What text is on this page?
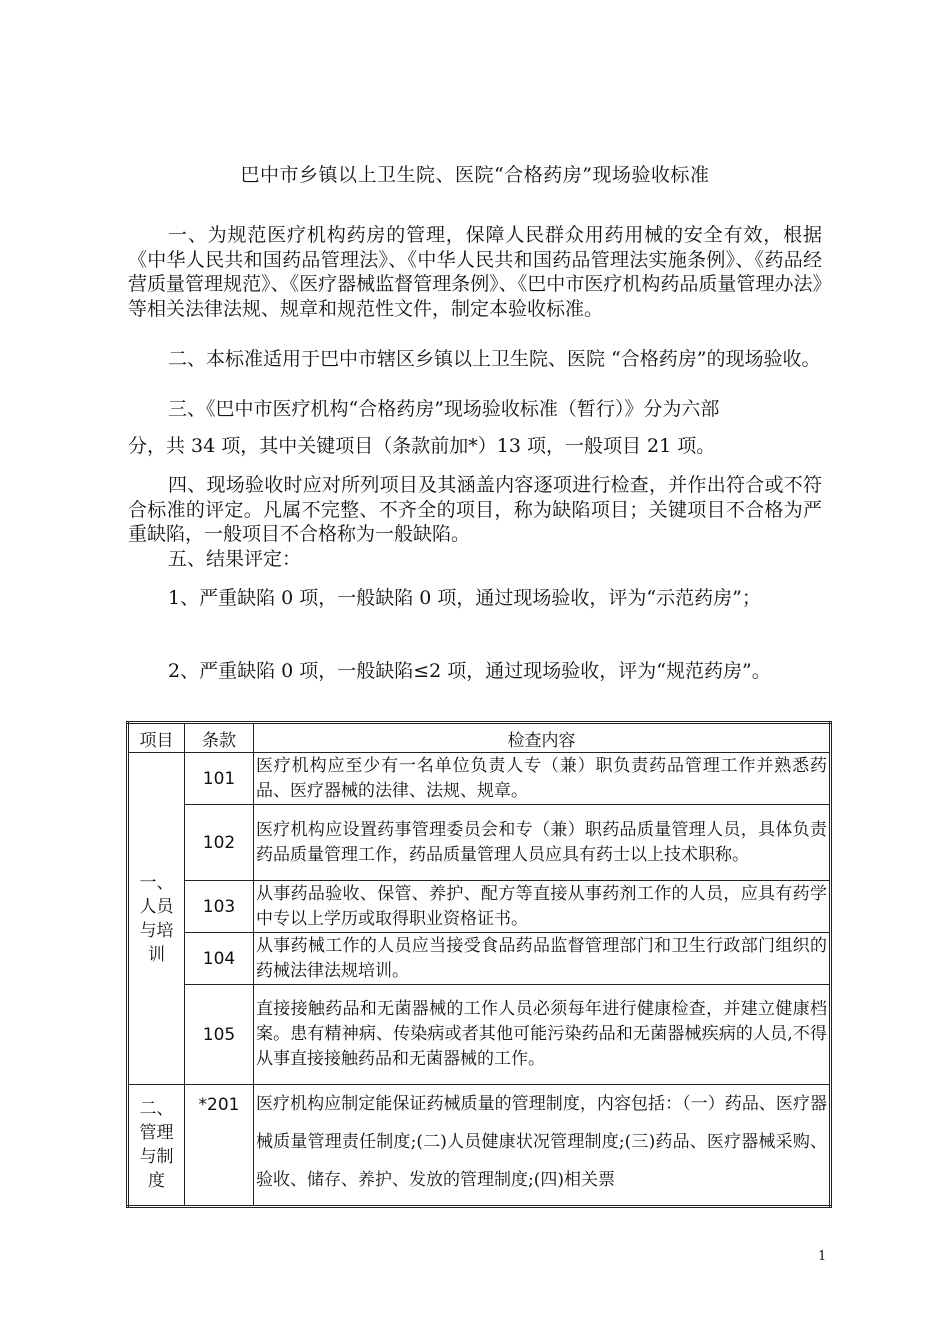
巴中市乡镇以上卫生院、医院“合格药房”现场验收标准

一、为规范医疗机构药房的管理，保障人民群众用药用械的安全有效，根据《中华人民共和国药品管理法》、《中华人民共和国药品管理法实施条例》、《药品经营质量管理规范》、《医疗器械监督管理条例》、《巴中市医疗机构药品质量管理办法》等相关法律法规、规章和规范性文件，制定本验收标准。

二、本标准适用于巴中市辖区乡镇以上卫生院、医院 “合格药房”的现场验收。

三、《巴中市医疗机构“合格药房”现场验收标准（暂行）》分为六部

分，共 34 项，其中关键项目（条款前加*）13 项，一般项目 21 项。

四、现场验收时应对所列项目及其涵盖内容逐项进行检查，并作出符合或不符合标准的评定。凡属不完整、不齐全的项目，称为缺陷项目；关键项目不合格为严重缺陷，一般项目不合格称为一般缺陷。

五、结果评定：

1、严重缺陷 0 项，一般缺陷 0 项，通过现场验收，评为“示范药房”；

2、严重缺陷 0 项，一般缺陷≤2 项，通过现场验收，评为“规范药房”。

项目	条款	检查内容

一、人员与培训	101	医疗机构应至少有一名单位负责人专（兼）职负责药品管理工作并熟悉药品、医疗器械的法律、法规、规章。
	102	医疗机构应设置药事管理委员会和专（兼）职药品质量管理人员，具体负责药品质量管理工作，药品质量管理人员应具有药士以上技术职称。
	103	从事药品验收、保管、养护、配方等直接从事药剂工作的人员，应具有药学中专以上学历或取得职业资格证书。
	104	从事药械工作的人员应当接受食品药品监督管理部门和卫生行政部门组织的药械法律法规培训。
	105	直接接触药品和无菌器械的工作人员必须每年进行健康检查，并建立健康档案。患有精神病、传染病或者其他可能污染药品和无菌器械疾病的人员,不得从事直接接触药品和无菌器械的工作。

二、管理与制度	*201	医疗机构应制定能保证药械质量的管理制度，内容包括：（一）药品、医疗器械质量管理责任制度;(二)人员健康状况管理制度;(三)药品、医疗器械采购、验收、储存、养护、发放的管理制度;(四)相关票
1
